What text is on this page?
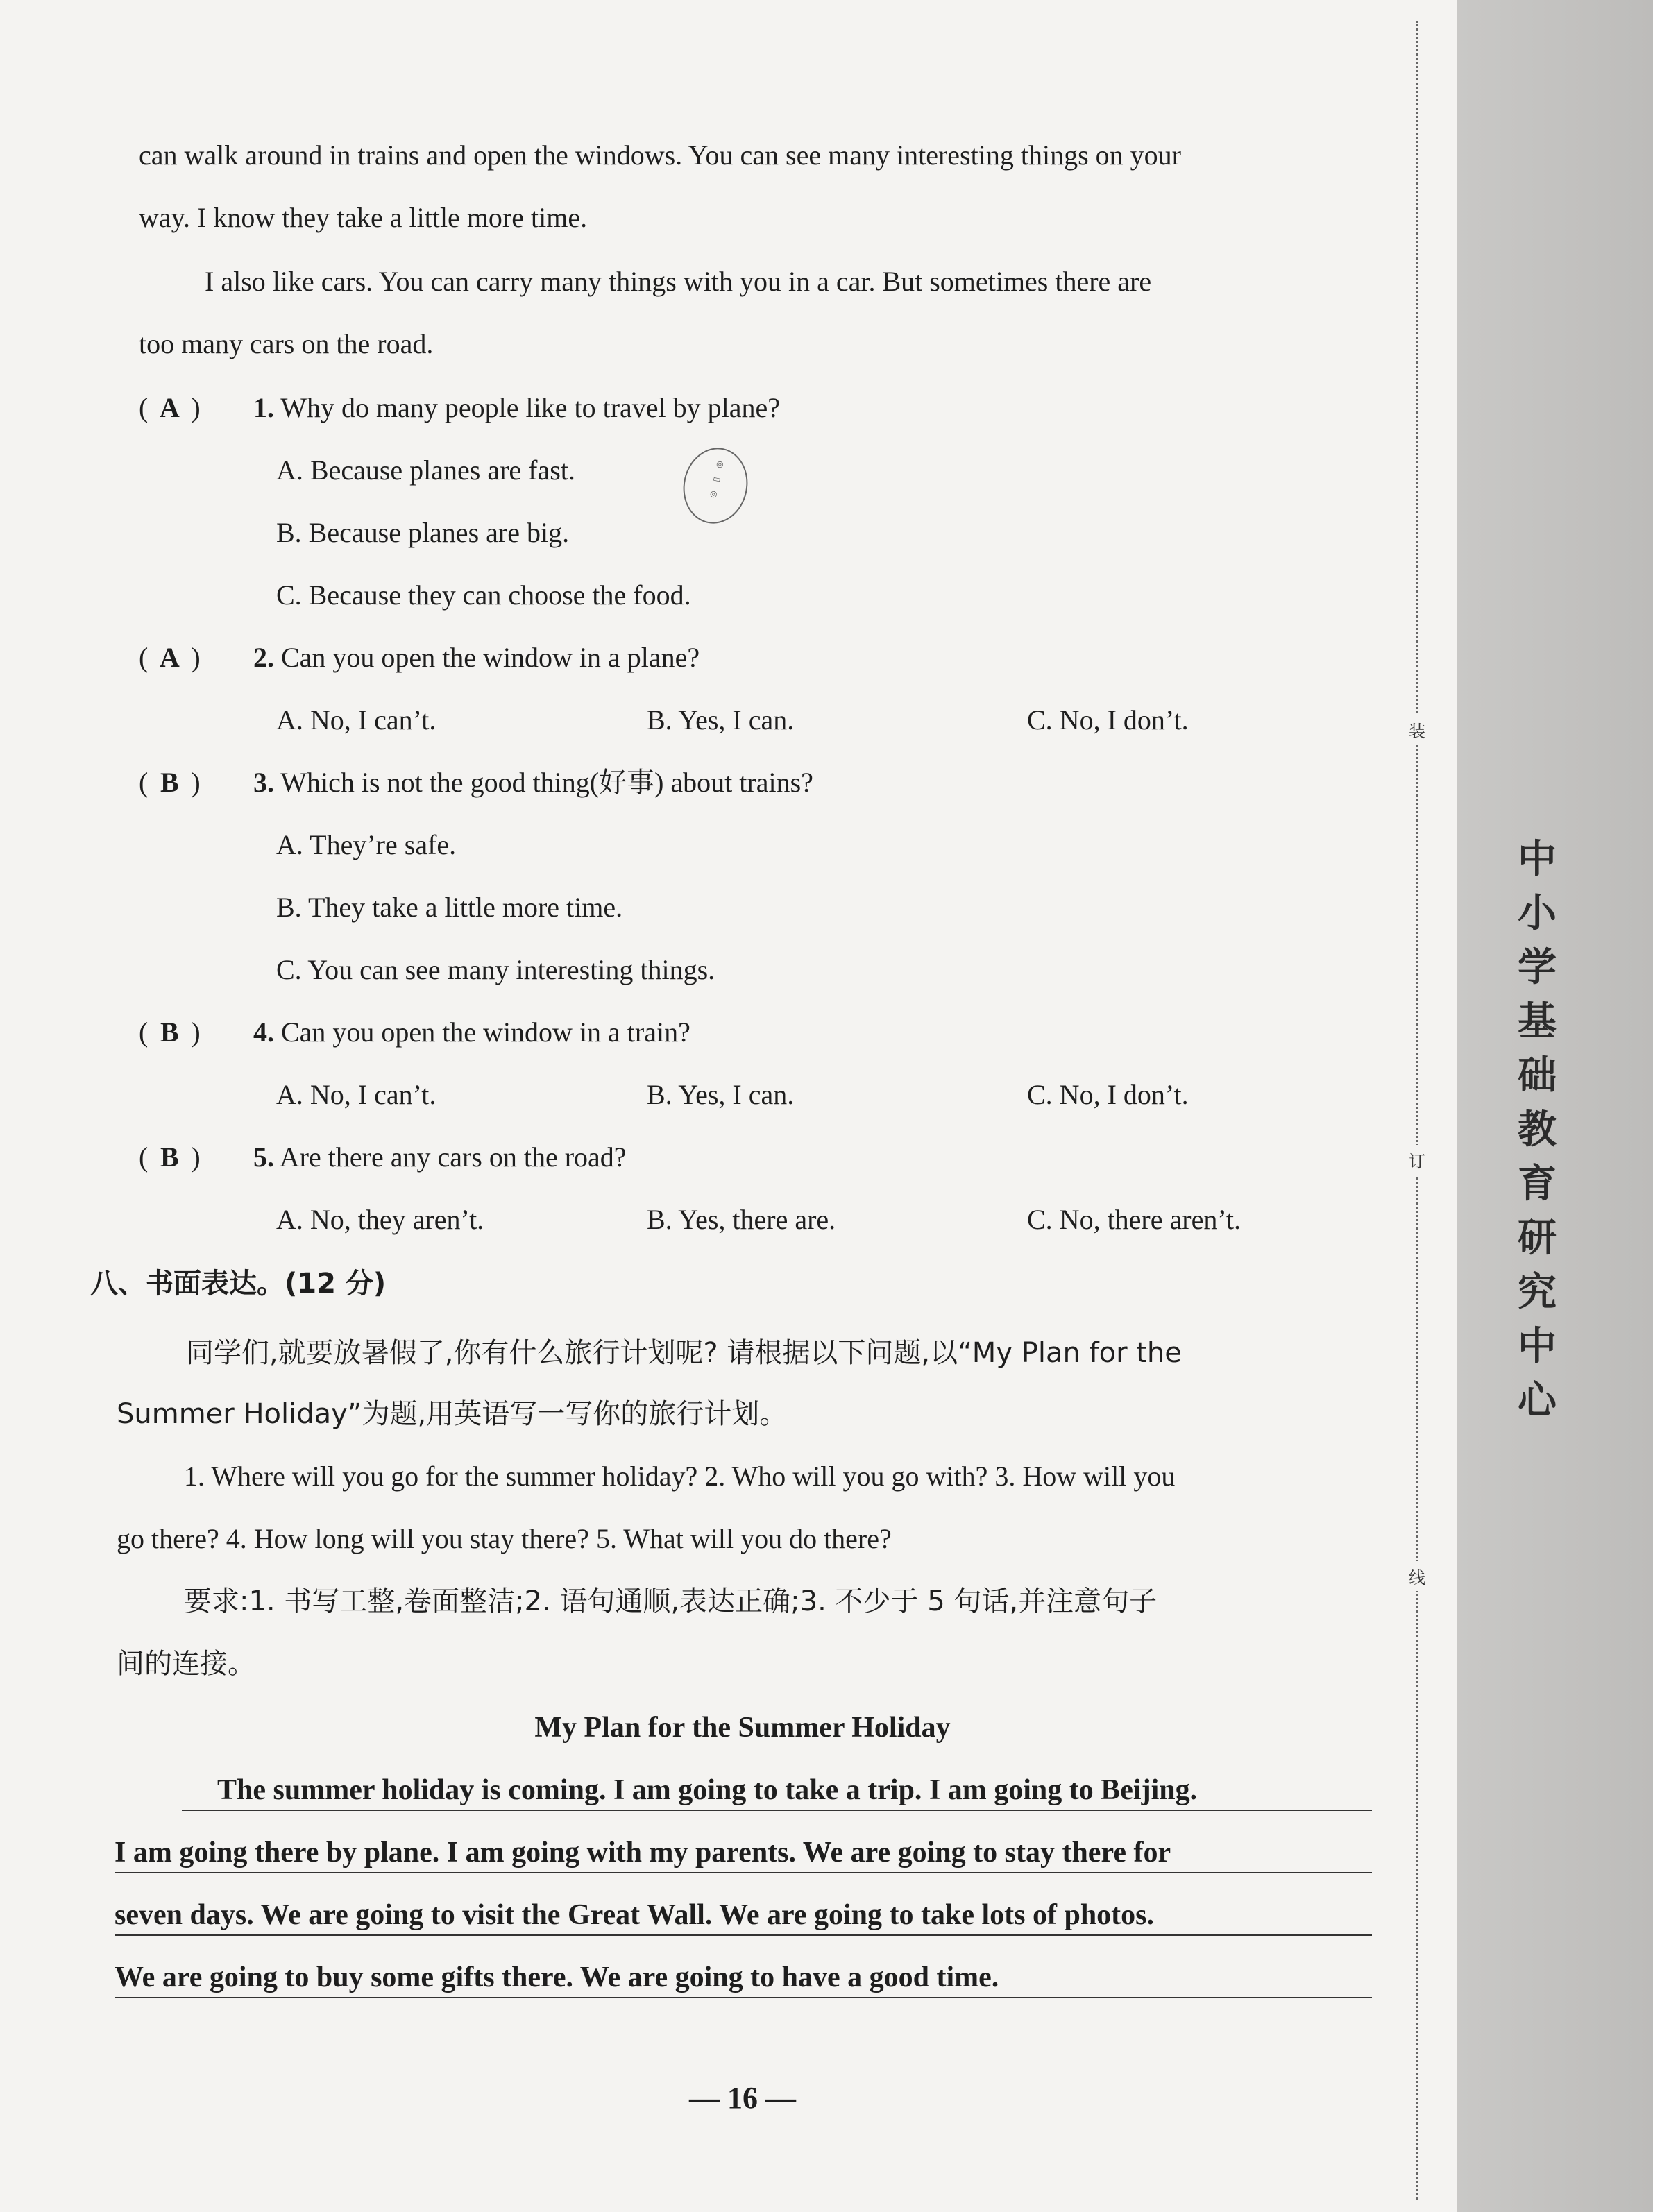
can walk around in trains and open the windows. You can see many interesting things on your
way. I know they take a little more time.
I also like cars. You can carry many things with you in a car. But sometimes there are
too many cars on the road.
( A ) 1. Why do many people like to travel by plane?
A. Because planes are fast.
B. Because planes are big.
C. Because they can choose the food.
( A ) 2. Can you open the window in a plane?
A. No, I can’t.	B. Yes, I can.	C. No, I don’t.
( B ) 3. Which is not the good thing(好事) about trains?
A. They’re safe.
B. They take a little more time.
C. You can see many interesting things.
( B ) 4. Can you open the window in a train?
A. No, I can’t.	B. Yes, I can.	C. No, I don’t.
( B ) 5. Are there any cars on the road?
A. No, they aren’t.	B. Yes, there are.	C. No, there aren’t.
八、书面表达。(12 分)
同学们,就要放暑假了,你有什么旅行计划呢? 请根据以下问题,以“My Plan for the
Summer Holiday”为题,用英语写一写你的旅行计划。
1. Where will you go for the summer holiday? 2. Who will you go with? 3. How will you
go there? 4. How long will you stay there? 5. What will you do there?
要求:1. 书写工整,卷面整洁;2. 语句通顺,表达正确;3. 不少于 5 句话,并注意句子
间的连接。
My Plan for the Summer Holiday
The summer holiday is coming. I am going to take a trip. I am going to Beijing.
I am going there by plane. I am going with my parents. We are going to stay there for
seven days. We are going to visit the Great Wall. We are going to take lots of photos.
We are going to buy some gifts there. We are going to have a good time.
— 16 —
◎
▭
◎
装
订
线
中小学基础教育研究中心
